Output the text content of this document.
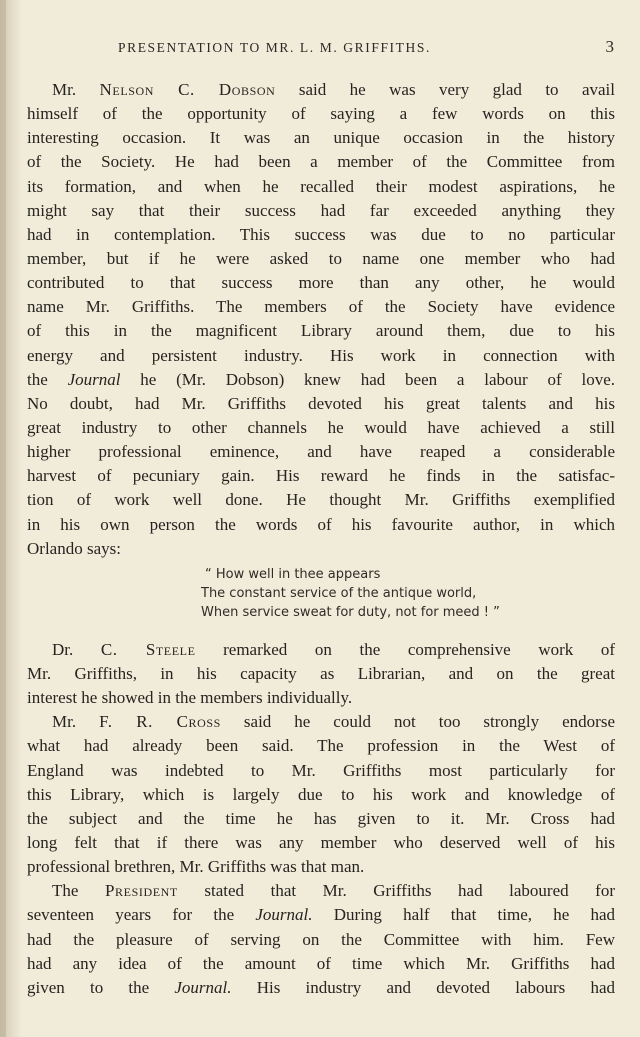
PRESENTATION TO MR. L. M. GRIFFITHS.	3
Mr. Nelson C. Dobson said he was very glad to avail
himself of the opportunity of saying a few words on this
interesting occasion. It was an unique occasion in the history
of the Society. He had been a member of the Committee from
its formation, and when he recalled their modest aspirations, he
might say that their success had far exceeded anything they
had in contemplation. This success was due to no particular
member, but if he were asked to name one member who had
contributed to that success more than any other, he would
name Mr. Griffiths. The members of the Society have evidence
of this in the magnificent Library around them, due to his
energy and persistent industry. His work in connection with
the Journal he (Mr. Dobson) knew had been a labour of love.
No doubt, had Mr. Griffiths devoted his great talents and his
great industry to other channels he would have achieved a still
higher professional eminence, and have reaped a considerable
harvest of pecuniary gain. His reward he finds in the satisfac-
tion of work well done. He thought Mr. Griffiths exemplified
in his own person the words of his favourite author, in which
Orlando says:
“ How well in thee appears
The constant service of the antique world,
When service sweat for duty, not for meed ! ”
Dr. C. Steele remarked on the comprehensive work of
Mr. Griffiths, in his capacity as Librarian, and on the great
interest he showed in the members individually.
Mr. F. R. Cross said he could not too strongly endorse
what had already been said. The profession in the West of
England was indebted to Mr. Griffiths most particularly for
this Library, which is largely due to his work and knowledge of
the subject and the time he has given to it. Mr. Cross had
long felt that if there was any member who deserved well of his
professional brethren, Mr. Griffiths was that man.
The President stated that Mr. Griffiths had laboured for
seventeen years for the Journal. During half that time, he had
had the pleasure of serving on the Committee with him. Few
had any idea of the amount of time which Mr. Griffiths had
given to the Journal. His industry and devoted labours had
